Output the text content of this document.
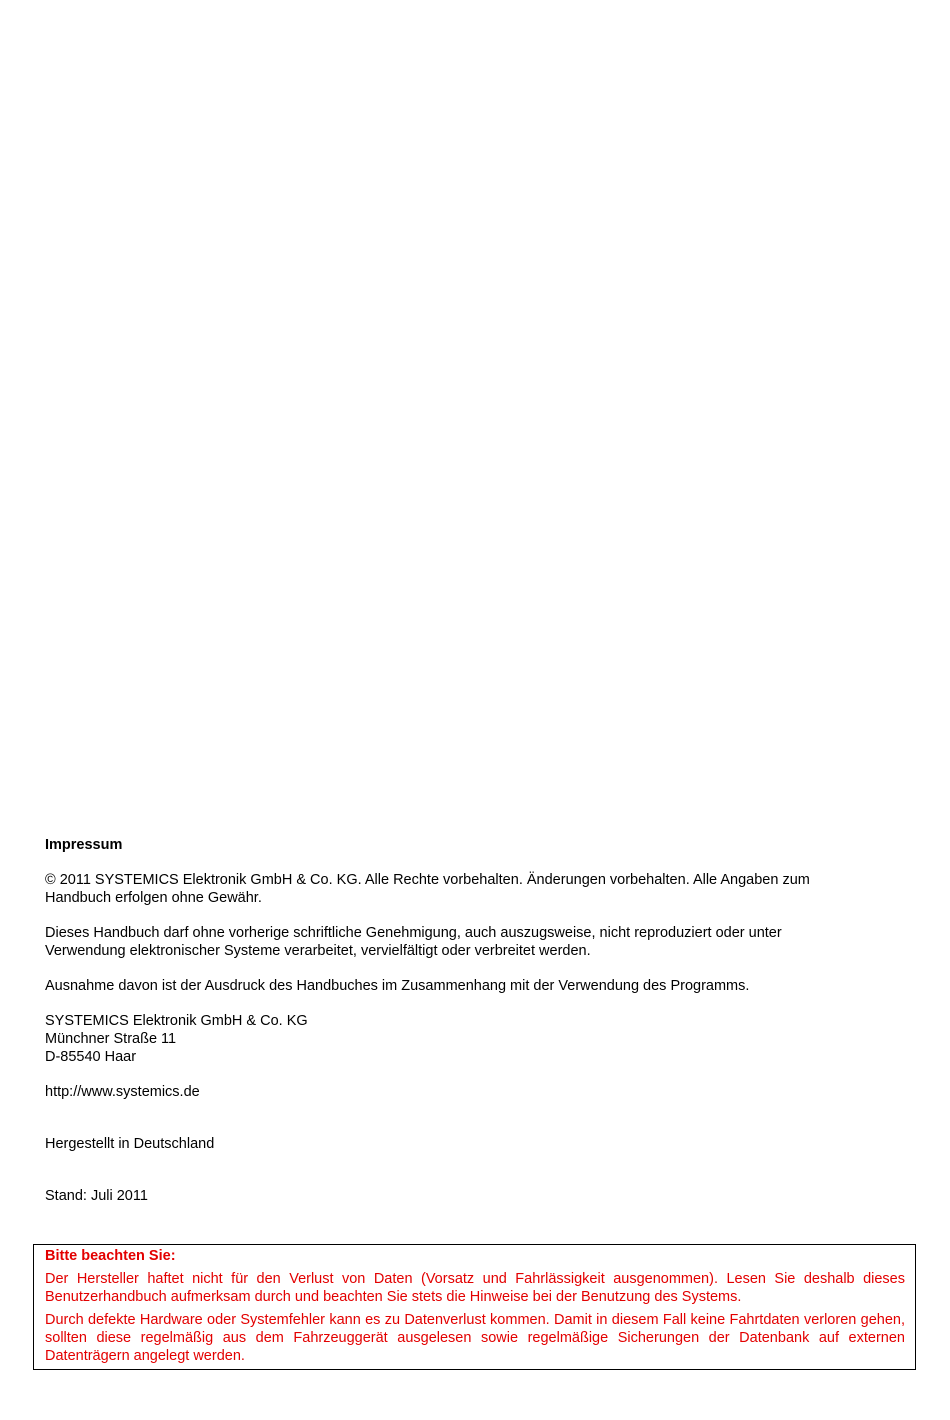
Impressum

© 2011 SYSTEMICS Elektronik GmbH & Co. KG. Alle Rechte vorbehalten. Änderungen vorbehalten. Alle Angaben zum Handbuch erfolgen ohne Gewähr.

Dieses Handbuch darf ohne vorherige schriftliche Genehmigung, auch auszugsweise, nicht reproduziert oder unter Verwendung elektronischer Systeme verarbeitet, vervielfältigt oder verbreitet werden.

Ausnahme davon ist der Ausdruck des Handbuches im Zusammenhang mit der Verwendung des Programms.

SYSTEMICS Elektronik GmbH & Co. KG

Münchner Straße 11

D-85540 Haar

http://www.systemics.de

Hergestellt in Deutschland

Stand: Juli 2011

Bitte beachten Sie:

Der Hersteller haftet nicht für den Verlust von Daten (Vorsatz und Fahrlässigkeit ausgenommen). Lesen Sie deshalb dieses Benutzerhandbuch aufmerksam durch und beachten Sie stets die Hinweise bei der Benutzung des Systems.

Durch defekte Hardware oder Systemfehler kann es zu Datenverlust kommen. Damit in diesem Fall keine Fahrtdaten verloren gehen, sollten diese regelmäßig aus dem Fahrzeuggerät ausgelesen sowie regelmäßige Sicherungen der Datenbank auf externen Datenträgern angelegt werden.
